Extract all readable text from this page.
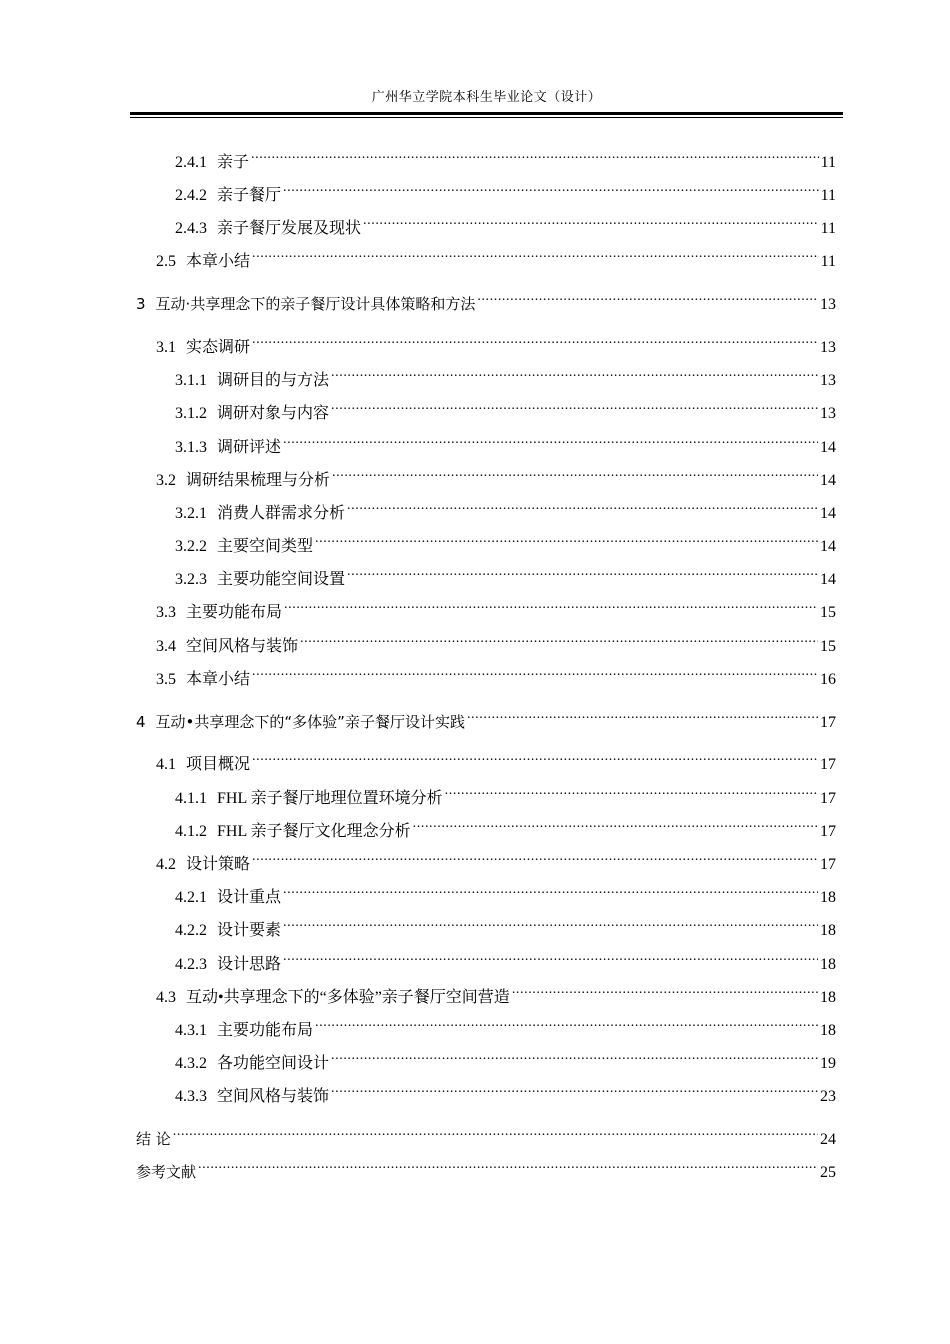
广州华立学院本科生毕业论文（设计）
2.4.1 亲子 .....	11
2.4.2 亲子餐厅 .....	11
2.4.3 亲子餐厅发展及现状 .....	11
2.5 本章小结 .....	11
3 互动·共享理念下的亲子餐厅设计具体策略和方法 .....	13
3.1 实态调研 .....	13
3.1.1 调研目的与方法 .....	13
3.1.2 调研对象与内容 .....	13
3.1.3 调研评述 .....	14
3.2 调研结果梳理与分析 .....	14
3.2.1 消费人群需求分析 .....	14
3.2.2 主要空间类型 .....	14
3.2.3 主要功能空间设置 .....	14
3.3 主要功能布局 .....	15
3.4 空间风格与装饰 .....	15
3.5 本章小结 .....	16
4 互动•共享理念下的“多体验”亲子餐厅设计实践 .....	17
4.1 项目概况 .....	17
4.1.1 FHL 亲子餐厅地理位置环境分析 .....	17
4.1.2 FHL 亲子餐厅文化理念分析 .....	17
4.2 设计策略 .....	17
4.2.1 设计重点 .....	18
4.2.2 设计要素 .....	18
4.2.3 设计思路 .....	18
4.3 互动•共享理念下的“多体验”亲子餐厅空间营造 .....	18
4.3.1 主要功能布局 .....	18
4.3.2 各功能空间设计 .....	19
4.3.3 空间风格与装饰 .....	23
结 论 .....	24
参考文献 .....	25
